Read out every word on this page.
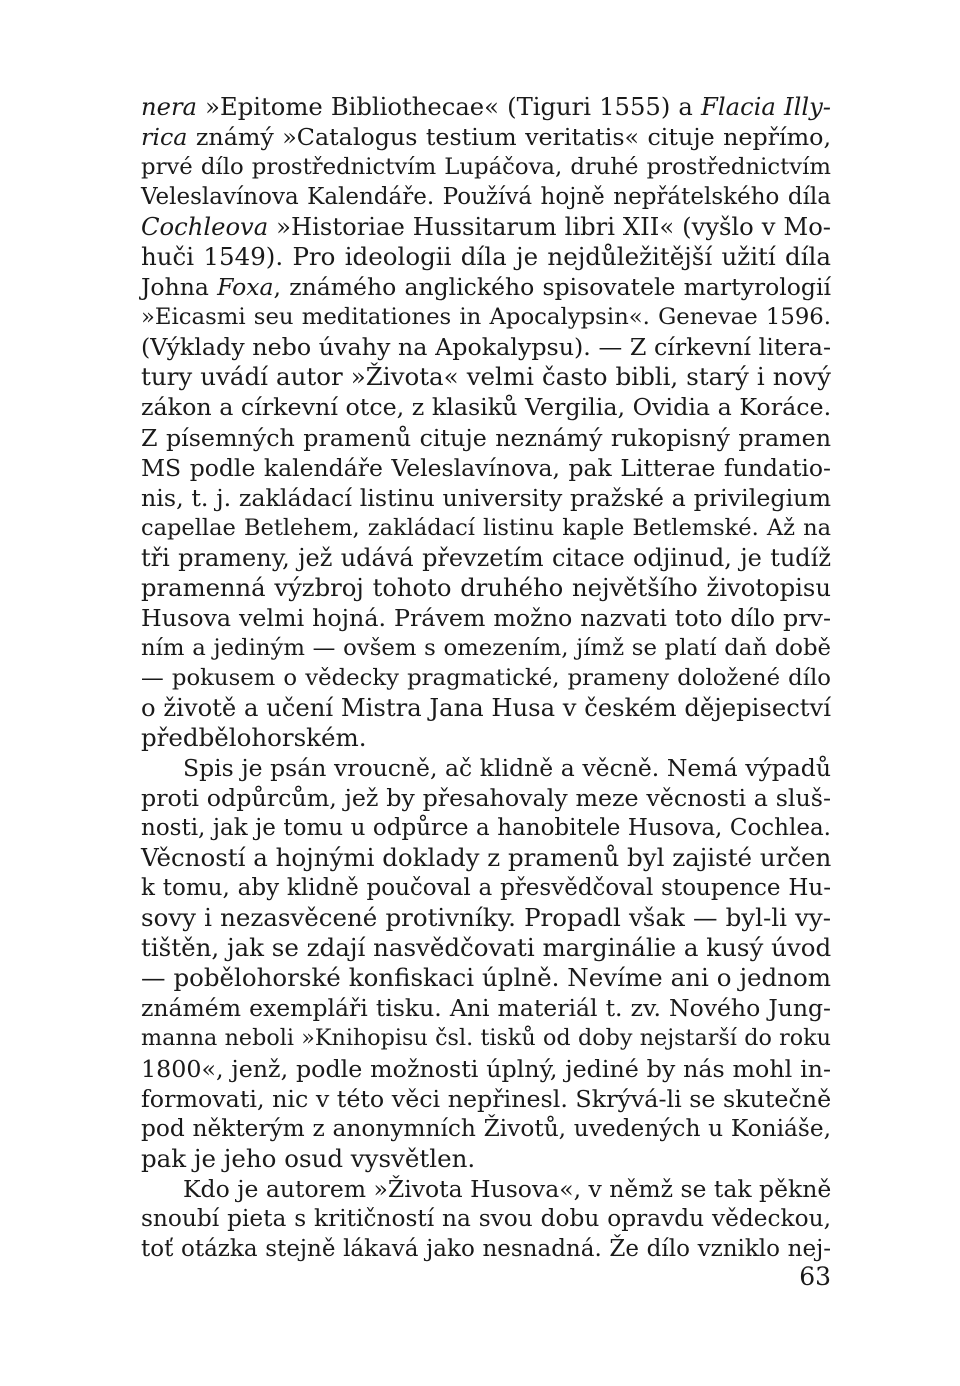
nera »Epitome Bibliothecae« (Tiguri 1555) a Flacia Illy-
rica známý »Catalogus testium veritatis« cituje nepřímo,
prvé dílo prostřednictvím Lupáčova, druhé prostřednictvím
Veleslavínova Kalendáře. Používá hojně nepřátelského díla
Cochleova »Historiae Hussitarum libri XII« (vyšlo v Mo-
huči 1549). Pro ideologii díla je nejdůležitější užití díla
Johna Foxa, známého anglického spisovatele martyrologií
»Eicasmi seu meditationes in Apocalypsin«. Genevae 1596.
(Výklady nebo úvahy na Apokalypsu). — Z církevní litera-
tury uvádí autor »Života« velmi často bibli, starý i nový
zákon a církevní otce, z klasiků Vergilia, Ovidia a Koráce.
Z písemných pramenů cituje neznámý rukopisný pramen
MS podle kalendáře Veleslavínova, pak Litterae fundatio-
nis, t. j. zakládací listinu university pražské a privilegium
capellae Betlehem, zakládací listinu kaple Betlemské. Až na
tři prameny, jež udává převzetím citace odjinud, je tudíž
pramenná výzbroj tohoto druhého největšího životopisu
Husova velmi hojná. Právem možno nazvati toto dílo prv-
ním a jediným — ovšem s omezením, jímž se platí daň době
— pokusem o vědecky pragmatické, prameny doložené dílo
o životě a učení Mistra Jana Husa v českém dějepisectví
předbělohorském.
Spis je psán vroucně, ač klidně a věcně. Nemá výpadů
proti odpůrcům, jež by přesahovaly meze věcnosti a sluš-
nosti, jak je tomu u odpůrce a hanobitele Husova, Cochlea.
Věcností a hojnými doklady z pramenů byl zajisté určen
k tomu, aby klidně poučoval a přesvědčoval stoupence Hu-
sovy i nezasvěcené protivníky. Propadl však — byl-li vy-
tištěn, jak se zdají nasvědčovati marginálie a kusý úvod
— pobělohorské konfiskaci úplně. Nevíme ani o jednom
známém exempláři tisku. Ani materiál t. zv. Nového Jung-
manna neboli »Knihopisu čsl. tisků od doby nejstarší do roku
1800«, jenž, podle možnosti úplný, jediné by nás mohl in-
formovati, nic v této věci nepřinesl. Skrývá-li se skutečně
pod některým z anonymních Životů, uvedených u Koniáše,
pak je jeho osud vysvětlen.
Kdo je autorem »Života Husova«, v němž se tak pěkně
snoubí pieta s kritičností na svou dobu opravdu vědeckou,
toť otázka stejně lákavá jako nesnadná. Že dílo vzniklo nej-
63
